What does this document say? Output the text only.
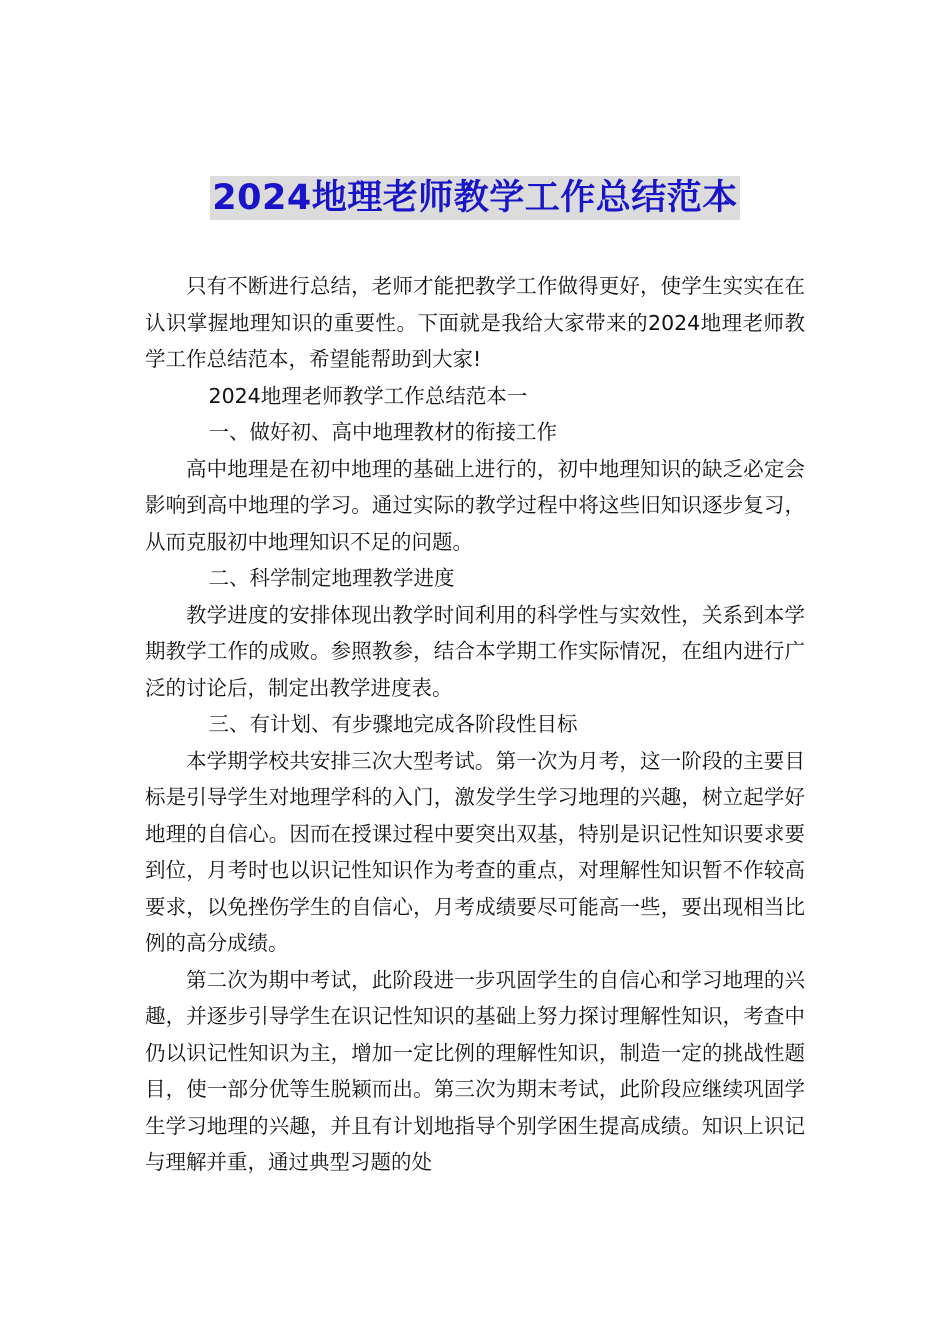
2024地理老师教学工作总结范本

只有不断进行总结，老师才能把教学工作做得更好，使学生实实在在认识掌握地理知识的重要性。下面就是我给大家带来的2024地理老师教学工作总结范本，希望能帮助到大家!

2024地理老师教学工作总结范本一

一、做好初、高中地理教材的衔接工作

高中地理是在初中地理的基础上进行的，初中地理知识的缺乏必定会影响到高中地理的学习。通过实际的教学过程中将这些旧知识逐步复习，从而克服初中地理知识不足的问题。

二、科学制定地理教学进度

教学进度的安排体现出教学时间利用的科学性与实效性，关系到本学期教学工作的成败。参照教参，结合本学期工作实际情况，在组内进行广泛的讨论后，制定出教学进度表。

三、有计划、有步骤地完成各阶段性目标

本学期学校共安排三次大型考试。第一次为月考，这一阶段的主要目标是引导学生对地理学科的入门，激发学生学习地理的兴趣，树立起学好地理的自信心。因而在授课过程中要突出双基，特别是识记性知识要求要到位，月考时也以识记性知识作为考查的重点，对理解性知识暂不作较高要求，以免挫伤学生的自信心，月考成绩要尽可能高一些，要出现相当比例的高分成绩。

第二次为期中考试，此阶段进一步巩固学生的自信心和学习地理的兴趣，并逐步引导学生在识记性知识的基础上努力探讨理解性知识，考查中仍以识记性知识为主，增加一定比例的理解性知识，制造一定的挑战性题目，使一部分优等生脱颖而出。第三次为期末考试，此阶段应继续巩固学生学习地理的兴趣，并且有计划地指导个别学困生提高成绩。知识上识记与理解并重，通过典型习题的处
